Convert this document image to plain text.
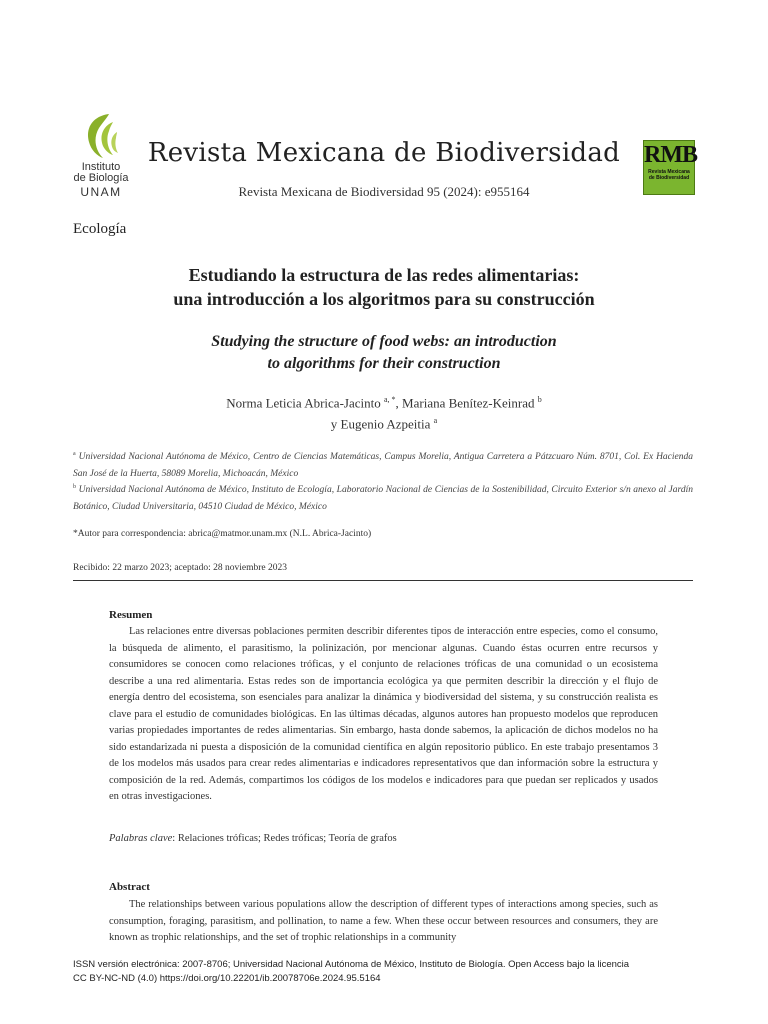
Instituto
de Biología
UNAM
Revista Mexicana de Biodiversidad
Revista Mexicana de Biodiversidad 95 (2024): e955164
RMB
Revista Mexicana
de Biodiversidad
Ecología
Estudiando la estructura de las redes alimentarias:
una introducción a los algoritmos para su construcción
Studying the structure of food webs: an introduction
to algorithms for their construction
Norma Leticia Abrica-Jacinto $^{a, *}$, Mariana Benítez-Keinrad $^b$
y Eugenio Azpeitia $^a$
$^a$ Universidad Nacional Autónoma de México, Centro de Ciencias Matemáticas, Campus Morelia, Antigua Carretera a Pátzcuaro Núm. 8701, Col. Ex Hacienda San José de la Huerta, 58089 Morelia, Michoacán, México
$^b$ Universidad Nacional Autónoma de México, Instituto de Ecología, Laboratorio Nacional de Ciencias de la Sostenibilidad, Circuito Exterior s/n anexo al Jardín Botánico, Ciudad Universitaria, 04510 Ciudad de México, México
*Autor para correspondencia: abrica@matmor.unam.mx (N.L. Abrica-Jacinto)
Recibido: 22 marzo 2023; aceptado: 28 noviembre 2023
Resumen
Las relaciones entre diversas poblaciones permiten describir diferentes tipos de interacción entre especies, como el consumo, la búsqueda de alimento, el parasitismo, la polinización, por mencionar algunas. Cuando éstas ocurren entre recursos y consumidores se conocen como relaciones tróficas, y el conjunto de relaciones tróficas de una comunidad o un ecosistema describe a una red alimentaria. Estas redes son de importancia ecológica ya que permiten describir la dirección y el flujo de energía dentro del ecosistema, son esenciales para analizar la dinámica y biodiversidad del sistema, y su construcción realista es clave para el estudio de comunidades biológicas. En las últimas décadas, algunos autores han propuesto modelos que reproducen varias propiedades importantes de redes alimentarias. Sin embargo, hasta donde sabemos, la aplicación de dichos modelos no ha sido estandarizada ni puesta a disposición de la comunidad científica en algún repositorio público. En este trabajo presentamos 3 de los modelos más usados para crear redes alimentarias e indicadores representativos que dan información sobre la estructura y composición de la red. Además, compartimos los códigos de los modelos e indicadores para que puedan ser replicados y usados en otras investigaciones.
Palabras clave: Relaciones tróficas; Redes tróficas; Teoría de grafos
Abstract
The relationships between various populations allow the description of different types of interactions among species, such as consumption, foraging, parasitism, and pollination, to name a few. When these occur between resources and consumers, they are known as trophic relationships, and the set of trophic relationships in a community
ISSN versión electrónica: 2007-8706; Universidad Nacional Autónoma de México, Instituto de Biología. Open Access bajo la licencia
CC BY-NC-ND (4.0) https://doi.org/10.22201/ib.20078706e.2024.95.5164
